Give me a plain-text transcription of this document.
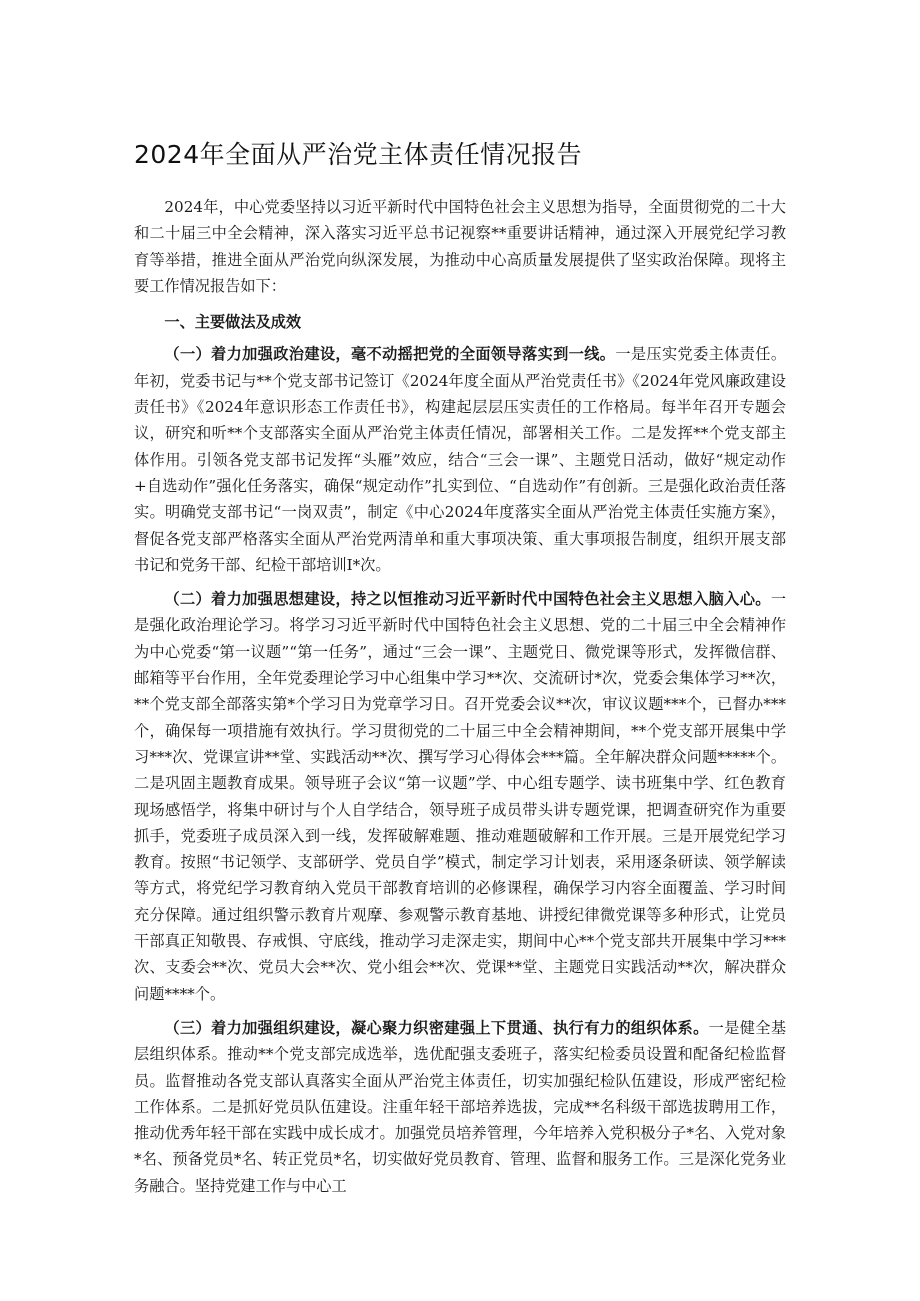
2024年全面从严治党主体责任情况报告

2024年，中心党委坚持以习近平新时代中国特色社会主义思想为指导，全面贯彻党的二十大和二十届三中全会精神，深入落实习近平总书记视察**重要讲话精神，通过深入开展党纪学习教育等举措，推进全面从严治党向纵深发展，为推动中心高质量发展提供了坚实政治保障。现将主要工作情况报告如下：

一、主要做法及成效

（一）着力加强政治建设，毫不动摇把党的全面领导落实到一线。一是压实党委主体责任。年初，党委书记与**个党支部书记签订《2024年度全面从严治党责任书》《2024年党风廉政建设责任书》《2024年意识形态工作责任书》，构建起层层压实责任的工作格局。每半年召开专题会议，研究和听**个支部落实全面从严治党主体责任情况，部署相关工作。二是发挥**个党支部主体作用。引领各党支部书记发挥“头雁”效应，结合“三会一课”、主题党日活动，做好“规定动作+自选动作”强化任务落实，确保“规定动作”扎实到位、“自选动作”有创新。三是强化政治责任落实。明确党支部书记“一岗双责”，制定《中心2024年度落实全面从严治党主体责任实施方案》，督促各党支部严格落实全面从严治党两清单和重大事项决策、重大事项报告制度，组织开展支部书记和党务干部、纪检干部培训I*次。

（二）着力加强思想建设，持之以恒推动习近平新时代中国特色社会主义思想入脑入心。一是强化政治理论学习。将学习习近平新时代中国特色社会主义思想、党的二十届三中全会精神作为中心党委“第一议题”“第一任务”，通过“三会一课”、主题党日、微党课等形式，发挥微信群、邮箱等平台作用，全年党委理论学习中心组集中学习**次、交流研讨*次，党委会集体学习**次，**个党支部全部落实第*个学习日为党章学习日。召开党委会议**次，审议议题***个，已督办***个，确保每一项措施有效执行。学习贯彻党的二十届三中全会精神期间，**个党支部开展集中学习***次、党课宣讲**堂、实践活动**次、撰写学习心得体会***篇。全年解决群众问题*****个。二是巩固主题教育成果。领导班子会议“第一议题”学、中心组专题学、读书班集中学、红色教育现场感悟学，将集中研讨与个人自学结合，领导班子成员带头讲专题党课，把调查研究作为重要抓手，党委班子成员深入到一线，发挥破解难题、推动难题破解和工作开展。三是开展党纪学习教育。按照“书记领学、支部研学、党员自学”模式，制定学习计划表，采用逐条研读、领学解读等方式，将党纪学习教育纳入党员干部教育培训的必修课程，确保学习内容全面覆盖、学习时间充分保障。通过组织警示教育片观摩、参观警示教育基地、讲授纪律微党课等多种形式，让党员干部真正知敬畏、存戒惧、守底线，推动学习走深走实，期间中心**个党支部共开展集中学习***次、支委会**次、党员大会**次、党小组会**次、党课**堂、主题党日实践活动**次，解决群众问题****个。

（三）着力加强组织建设，凝心聚力织密建强上下贯通、执行有力的组织体系。一是健全基层组织体系。推动**个党支部完成选举，选优配强支委班子，落实纪检委员设置和配备纪检监督员。监督推动各党支部认真落实全面从严治党主体责任，切实加强纪检队伍建设，形成严密纪检工作体系。二是抓好党员队伍建设。注重年轻干部培养选拔，完成**名科级干部选拔聘用工作，推动优秀年轻干部在实践中成长成才。加强党员培养管理，今年培养入党积极分子*名、入党对象*名、预备党员*名、转正党员*名，切实做好党员教育、管理、监督和服务工作。三是深化党务业务融合。坚持党建工作与中心工
